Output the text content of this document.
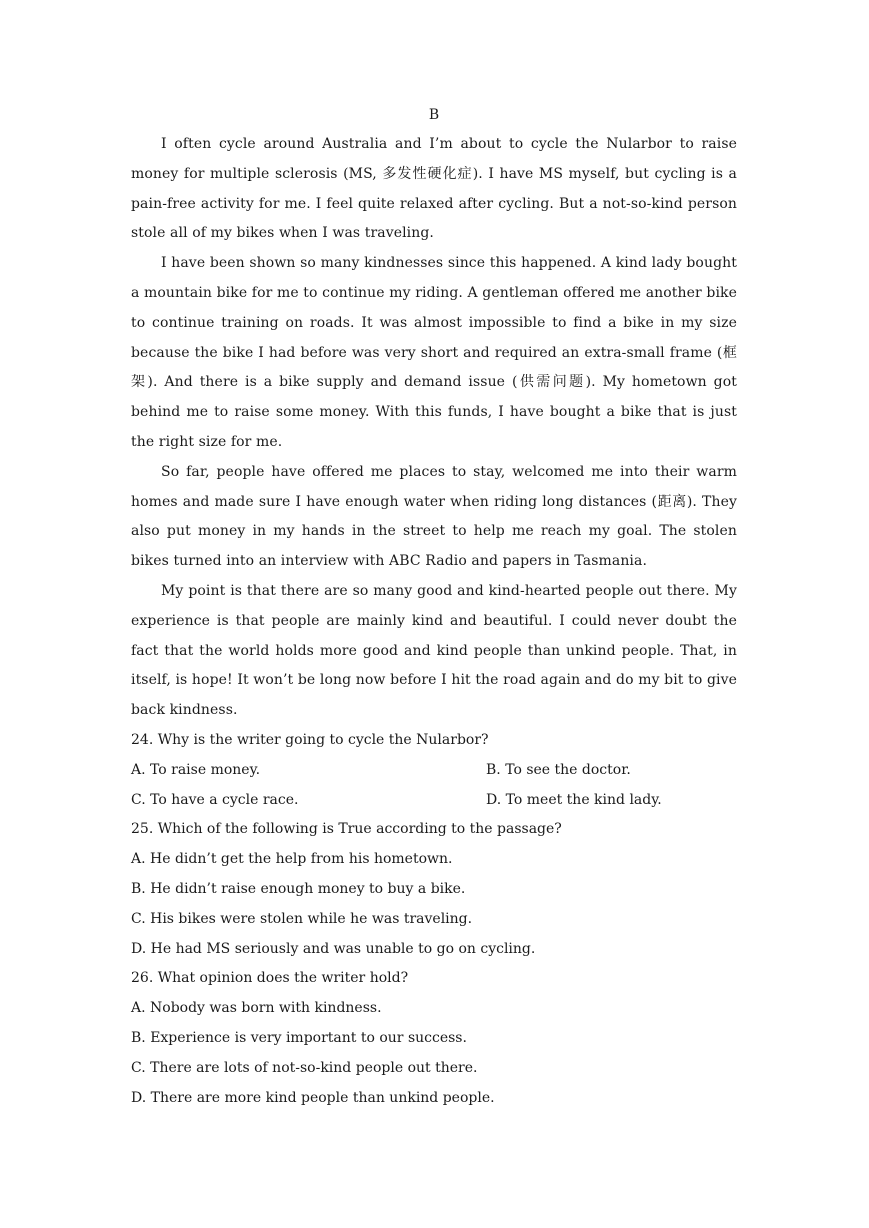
B

I often cycle around Australia and I’m about to cycle the Nularbor to raise money for multiple sclerosis (MS, 多发性硬化症). I have MS myself, but cycling is a pain-free activity for me. I feel quite relaxed after cycling. But a not-so-kind person stole all of my bikes when I was traveling.

I have been shown so many kindnesses since this happened. A kind lady bought a mountain bike for me to continue my riding. A gentleman offered me another bike to continue training on roads. It was almost impossible to find a bike in my size because the bike I had before was very short and required an extra-small frame (框架). And there is a bike supply and demand issue (供需问题). My hometown got behind me to raise some money. With this funds, I have bought a bike that is just the right size for me.

So far, people have offered me places to stay, welcomed me into their warm homes and made sure I have enough water when riding long distances (距离). They also put money in my hands in the street to help me reach my goal. The stolen bikes turned into an interview with ABC Radio and papers in Tasmania.

My point is that there are so many good and kind-hearted people out there. My experience is that people are mainly kind and beautiful. I could never doubt the fact that the world holds more good and kind people than unkind people. That, in itself, is hope! It won’t be long now before I hit the road again and do my bit to give back kindness.

24. Why is the writer going to cycle the Nularbor?
A. To raise money.	B. To see the doctor.
C. To have a cycle race.	D. To meet the kind lady.
25. Which of the following is True according to the passage?
A. He didn’t get the help from his hometown.
B. He didn’t raise enough money to buy a bike.
C. His bikes were stolen while he was traveling.
D. He had MS seriously and was unable to go on cycling.
26. What opinion does the writer hold?
A. Nobody was born with kindness.
B. Experience is very important to our success.
C. There are lots of not-so-kind people out there.
D. There are more kind people than unkind people.
